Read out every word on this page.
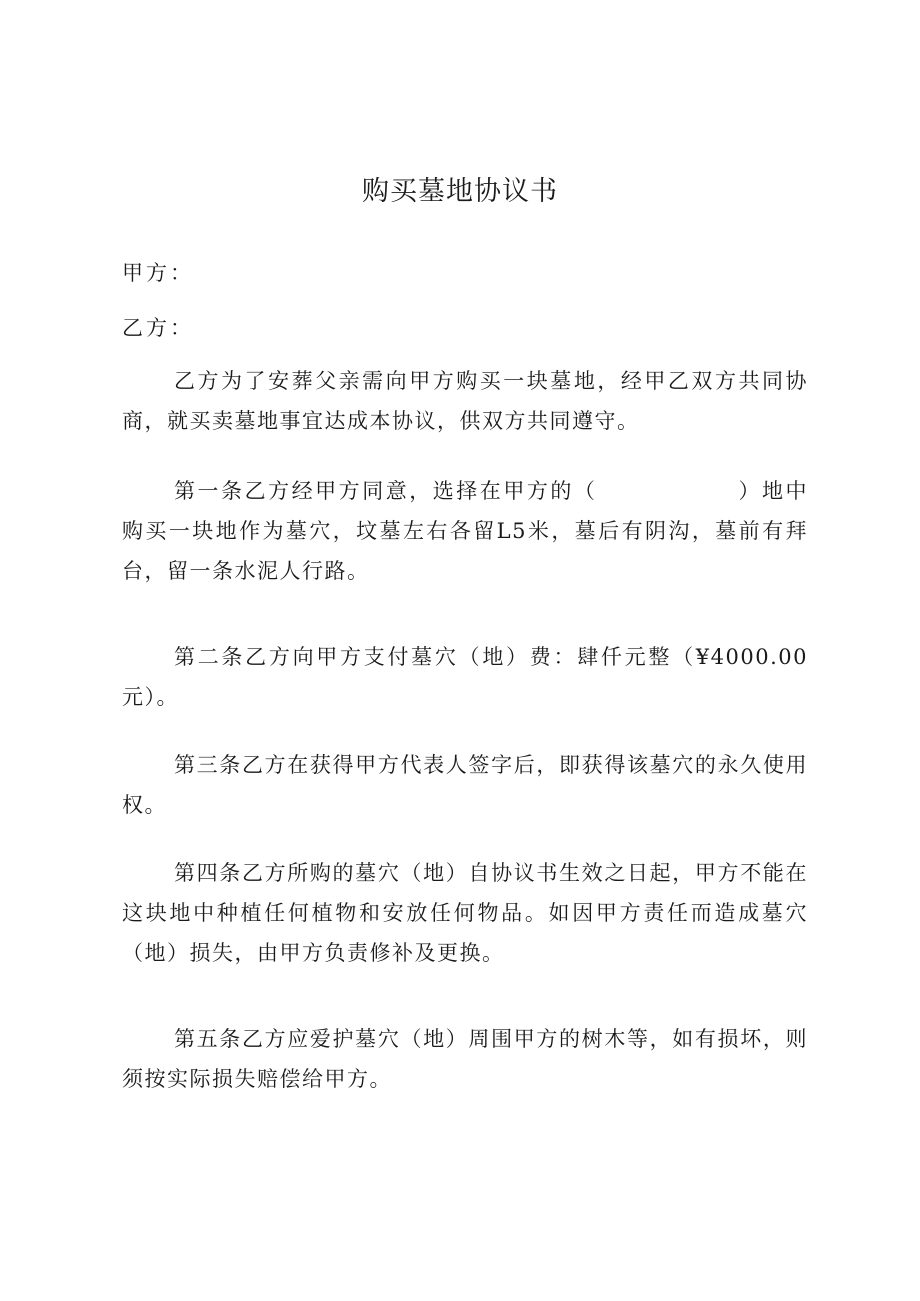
购买墓地协议书
甲方：
乙方：

乙方为了安葬父亲需向甲方购买一块墓地，经甲乙双方共同协商，就买卖墓地事宜达成本协议，供双方共同遵守。

第一条乙方经甲方同意，选择在甲方的（	）地中购买一块地作为墓穴，坟墓左右各留L5米，墓后有阴沟，墓前有拜台，留一条水泥人行路。

第二条乙方向甲方支付墓穴（地）费：肆仟元整（¥4000.00元）。

第三条乙方在获得甲方代表人签字后，即获得该墓穴的永久使用权。

第四条乙方所购的墓穴（地）自协议书生效之日起，甲方不能在这块地中种植任何植物和安放任何物品。如因甲方责任而造成墓穴（地）损失，由甲方负责修补及更换。

第五条乙方应爱护墓穴（地）周围甲方的树木等，如有损坏，则须按实际损失赔偿给甲方。
